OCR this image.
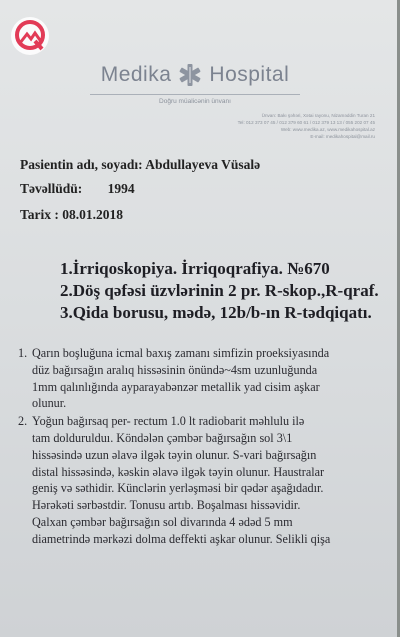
Medika Hospital
Doğru müalicənin ünvanı
Ünvan: Bakı şəhəri, Xətai rayonu, Nizaməddin Turan 21
Tel: 012 373 07 45 / 012 379 60 61 / 012 379 13 13 / 055 202 07 45
Web: www.medika.az, www.medikahospital.az
E-mail: medikahospital@mail.ru
Pasientin adı, soyadı: Abdullayeva Vüsalə
Təvəllüdü: 1994
Tarix : 08.01.2018
1.İrriqoskopiya. İrriqoqrafiya. №670
2.Döş qəfəsi üzvlərinin 2 pr. R-skop.,R-qraf.
3.Qida borusu, mədə, 12b/b-ın R-tədqiqatı.
1. Qarın boşluğuna icmal baxış zamanı simfizin proeksiyasında
düz bağırsağın aralıq hissəsinin önündə~4sm uzunluğunda
1mm qalınlığında ayparayabənzər metallik yad cisim aşkar
olunur.
2. Yoğun bağırsaq per- rectum 1.0 lt radiobarit məhlulu ilə
tam doldurulduı. Köndələn çəmbər bağırsağın sol 3\1
hissəsində uzun əlavə ilgək təyin olunur. S-vari bağırsağın
distal hissəsində, kəskin əlavə ilgək təyin olunur. Haustralar
geniş və səthidir. Künclərin yerləşməsi bir qədər aşağıdadır.
Hərəkəti sərbəstdir. Tonusu artıb. Boşalması hissəvidir.
Qalxan çəmbər bağırsağın sol divarında 4 ədəd 5 mm
diametrində mərkəzi dolma deffekti aşkar olunur. Selikli qişa
